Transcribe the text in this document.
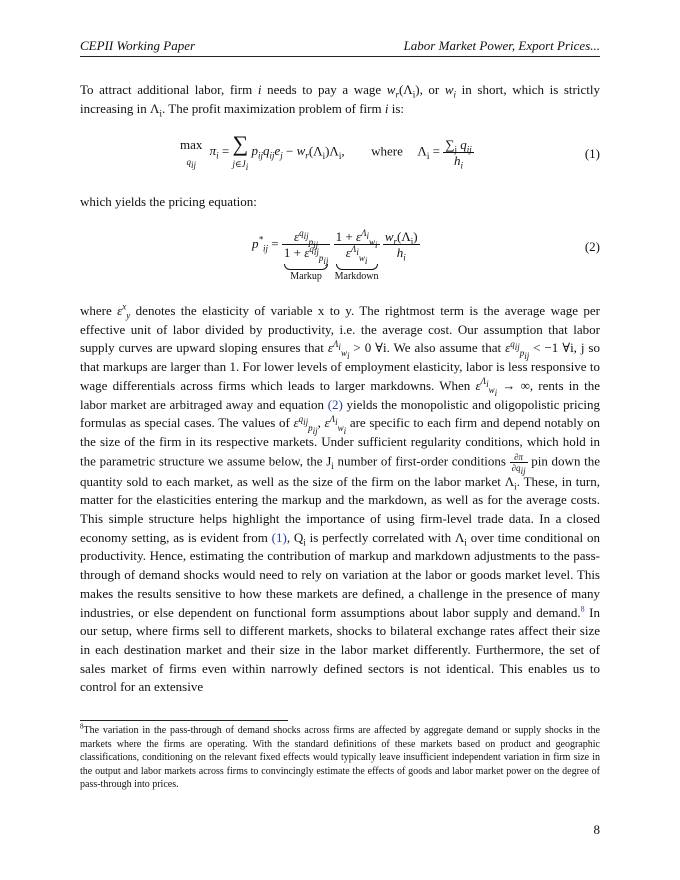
CEPII Working Paper	Labor Market Power, Export Prices...
To attract additional labor, firm i needs to pay a wage $w_r(\Lambda_i)$, or $w_i$ in short, which is strictly increasing in $\Lambda_i$. The profit maximization problem of firm i is:
max
$q_{ij}$ $\pi_i$ = ∑
$j\in J_i$ $p_{ij}q_{ij}e_j - w_r(\Lambda_i)\Lambda_i$,  where  $\Lambda_i = \frac{\sum_j q_{ij}}{h_i}$	(1)
which yields the pricing equation:
$p^*_{ij} = \frac{\varepsilon^{q_{ij}}_{p_{ij}}}{1 + \varepsilon^{q_{ij}}_{p_{ij}}}$
Markup

$\frac{1 + \varepsilon^{\Lambda_i}_{w_i}}{\varepsilon^{\Lambda_i}_{w_i}}$
Markdown

$\frac{w_r(\Lambda_i)}{h_i}$	(2)
where $\varepsilon^x_y$ denotes the elasticity of variable x to y. The rightmost term is the average wage per effective unit of labor divided by productivity, i.e. the average cost. Our assumption that labor supply curves are upward sloping ensures that $\varepsilon^{\Lambda_i}_{w_i} > 0$ ∀i. We also assume that $\varepsilon^{q_{ij}}_{p_{ij}} < -1$ ∀i, j so that markups are larger than 1. For lower levels of employment elasticity, labor is less responsive to wage differentials across firms which leads to larger markdowns. When $\varepsilon^{\Lambda_i}_{w_i}$ → ∞, rents in the labor market are arbitraged away and equation (2) yields the monopolistic and oligopolistic pricing formulas as special cases. The values of $\varepsilon^{q_{ij}}_{p_{ij}}$, $\varepsilon^{\Lambda_i}_{w_i}$ are specific to each firm and depend notably on the size of the firm in its respective markets. Under sufficient regularity conditions, which hold in the parametric structure we assume below, the $J_i$ number of first-order conditions $\frac{\partial\pi}{\partial q_{ij}}$ pin down the quantity sold to each market, as well as the size of the firm on the labor market $\Lambda_i$. These, in turn, matter for the elasticities entering the markup and the markdown, as well as for the average costs. This simple structure helps highlight the importance of using firm-level trade data. In a closed economy setting, as is evident from (1), $Q_i$ is perfectly correlated with $\Lambda_i$ over time conditional on productivity. Hence, estimating the contribution of markup and markdown adjustments to the pass-through of demand shocks would need to rely on variation at the labor or goods market level. This makes the results sensitive to how these markets are defined, a challenge in the presence of many industries, or else dependent on functional form assumptions about labor supply and demand.$^8$ In our setup, where firms sell to different markets, shocks to bilateral exchange rates affect their size in each destination market and their size in the labor market differently. Furthermore, the set of sales market of firms even within narrowly defined sectors is not identical. This enables us to control for an extensive
$^8$The variation in the pass-through of demand shocks across firms are affected by aggregate demand or supply shocks in the markets where the firms are operating. With the standard definitions of these markets based on product and geographic classifications, conditioning on the relevant fixed effects would typically leave insufficient independent variation in firm size in the output and labor markets across firms to convincingly estimate the effects of goods and labor market power on the degree of pass-through into prices.
8
